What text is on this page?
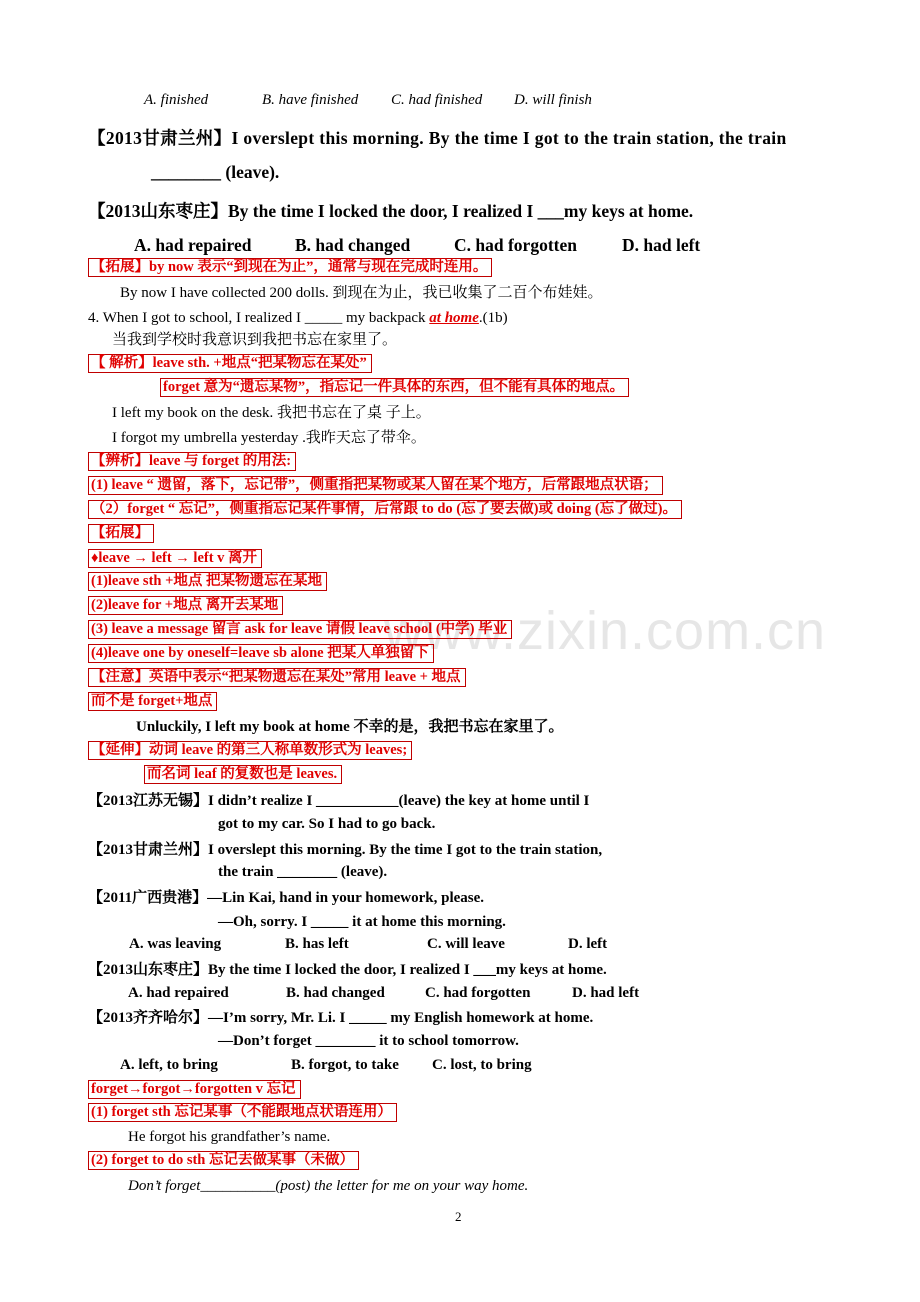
www.zixin.com.cn
A. finished	B. have finished C. had finished D. will finish
【2013甘肃兰州】I overslept this morning. By the time I got to the train station, the train
________ (leave).
【2013山东枣庄】By the time I locked the door, I realized I ___my keys at home.
A. had repaired B. had changed	C. had forgotten	D. had left
【拓展】by now 表示“到现在为止”，通常与现在完成时连用。
By now I have collected 200 dolls. 到现在为止，我已收集了二百个布娃娃。
4. When I got to school, I realized I _____ my backpack at home.(1b)
当我到学校时我意识到我把书忘在家里了。
【 解析】leave sth. +地点“把某物忘在某处”
forget 意为“遗忘某物”，指忘记一件具体的东西，但不能有具体的地点。
I left my book on the desk. 我把书忘在了桌 子上。
I forgot my umbrella yesterday .我昨天忘了带伞。
【辨析】leave 与 forget 的用法:
(1) leave “ 遗留，落下，忘记带”，侧重指把某物或某人留在某个地方，后常跟地点状语；
（2）forget “ 忘记”，侧重指忘记某件事情，后常跟 to do (忘了要去做)或 doing (忘了做过)。
【拓展】
♦leave → left → left v 离开
(1)leave sth +地点 把某物遗忘在某地
(2)leave for +地点 离开去某地
(3) leave a message 留言 ask for leave 请假 leave school (中学) 毕业
(4)leave one by oneself=leave sb alone 把某人单独留下
【注意】英语中表示“把某物遗忘在某处”常用 leave + 地点
而不是 forget+地点
Unluckily, I left my book at home 不幸的是，我把书忘在家里了。
【延伸】动词 leave 的第三人称单数形式为 leaves;
而名词 leaf 的复数也是 leaves.
【2013江苏无锡】I didn’t realize I ___________(leave) the key at home until I
got to my car. So I had to go back.
【2013甘肃兰州】I overslept this morning. By the time I got to the train station,
the train ________ (leave).
【2011广西贵港】—Lin Kai, hand in your homework, please.
—Oh, sorry. I _____ it at home this morning.
A. was leaving	B. has left	C. will leave	D. left
【2013山东枣庄】By the time I locked the door, I realized I ___my keys at home.
A. had repaired	B. had changed	C. had forgotten	D. had left
【2013齐齐哈尔】—I’m sorry, Mr. Li. I _____ my English homework at home.
—Don’t forget ________ it to school tomorrow.
A. left, to bring	B. forgot, to take C. lost, to bring
forget→forgot→forgotten v 忘记
(1) forget sth 忘记某事（不能跟地点状语连用）
He forgot his grandfather’s name.
(2) forget to do sth 忘记去做某事（未做）
Don’t forget__________(post) the letter for me on your way home.
2
